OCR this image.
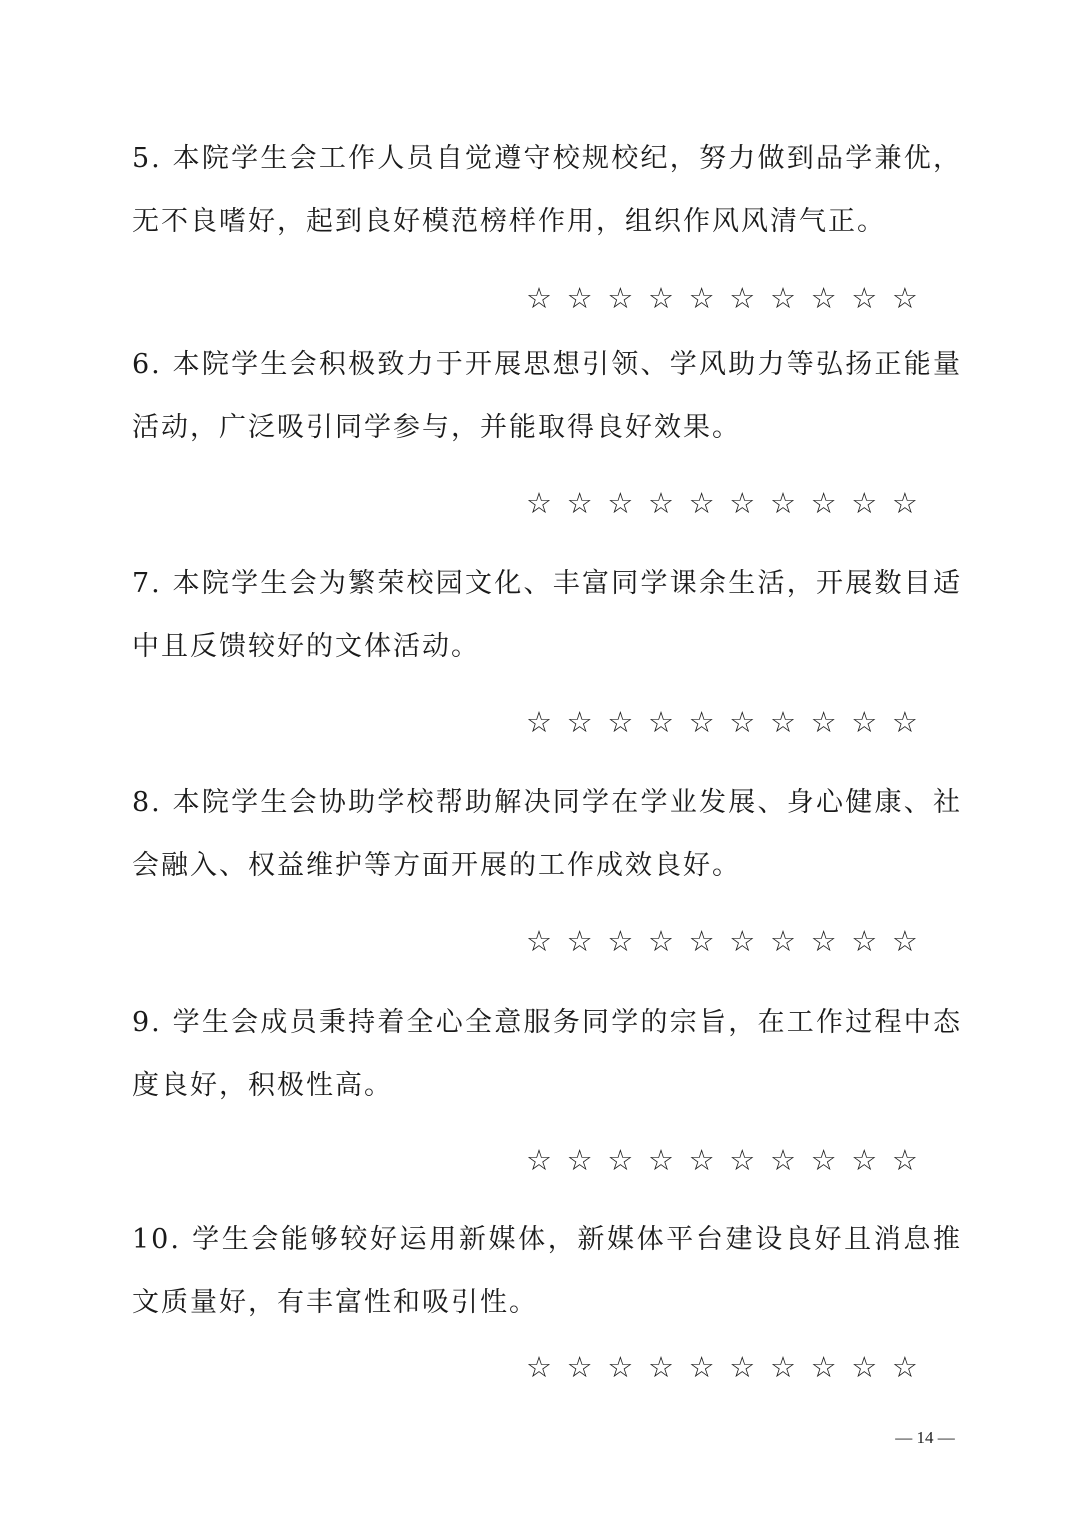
5. 本院学生会工作人员自觉遵守校规校纪，努力做到品学兼优，无不良嗜好，起到良好模范榜样作用，组织作风风清气正。

☆ ☆ ☆ ☆ ☆ ☆ ☆ ☆ ☆ ☆

6. 本院学生会积极致力于开展思想引领、学风助力等弘扬正能量活动，广泛吸引同学参与，并能取得良好效果。

☆ ☆ ☆ ☆ ☆ ☆ ☆ ☆ ☆ ☆

7. 本院学生会为繁荣校园文化、丰富同学课余生活，开展数目适中且反馈较好的文体活动。

☆ ☆ ☆ ☆ ☆ ☆ ☆ ☆ ☆ ☆

8. 本院学生会协助学校帮助解决同学在学业发展、身心健康、社会融入、权益维护等方面开展的工作成效良好。

☆ ☆ ☆ ☆ ☆ ☆ ☆ ☆ ☆ ☆

9. 学生会成员秉持着全心全意服务同学的宗旨，在工作过程中态度良好，积极性高。

☆ ☆ ☆ ☆ ☆ ☆ ☆ ☆ ☆ ☆

10. 学生会能够较好运用新媒体，新媒体平台建设良好且消息推文质量好，有丰富性和吸引性。

☆ ☆ ☆ ☆ ☆ ☆ ☆ ☆ ☆ ☆
— 14 —
